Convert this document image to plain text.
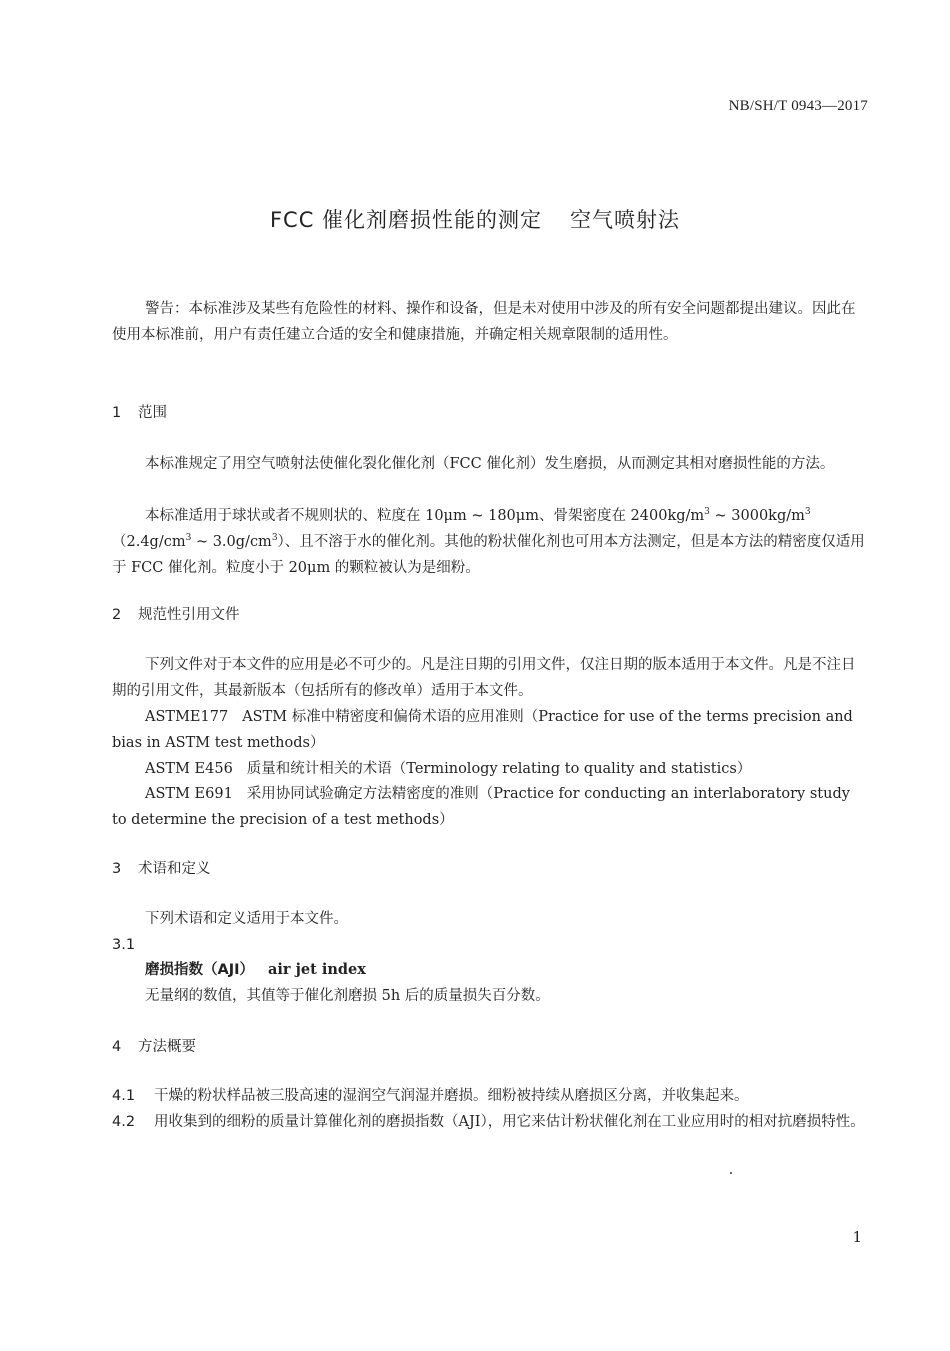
NB/SH/T 0943—2017
FCC 催化剂磨损性能的测定 空气喷射法
警告：本标准涉及某些有危险性的材料、操作和设备，但是未对使用中涉及的所有安全问题都提出建议。因此在使用本标准前，用户有责任建立合适的安全和健康措施，并确定相关规章限制的适用性。
1 范围
本标准规定了用空气喷射法使催化裂化催化剂（FCC 催化剂）发生磨损，从而测定其相对磨损性能的方法。
本标准适用于球状或者不规则状的、粒度在 10μm ~ 180μm、骨架密度在 $2400kg/m^3$ ~ $3000kg/m^3(2.4g/cm^3$ ~ $3.0g/cm^3$）、且不溶于水的催化剂。其他的粉状催化剂也可用本方法测定，但是本方法的精密度仅适用于 FCC 催化剂。粒度小于 20μm 的颗粒被认为是细粉。
2 规范性引用文件
下列文件对于本文件的应用是必不可少的。凡是注日期的引用文件，仅注日期的版本适用于本文件。凡是不注日期的引用文件，其最新版本（包括所有的修改单）适用于本文件。
ASTME177 ASTM 标准中精密度和偏倚术语的应用准则（Practice for use of the terms precision and bias in ASTM test methods）
ASTM E456 质量和统计相关的术语（Terminology relating to quality and statistics）
ASTM E691 采用协同试验确定方法精密度的准则（Practice for conducting an interlaboratory study to determine the precision of a test methods）
3 术语和定义
下列术语和定义适用于本文件。
3.1
磨损指数（AJI） air jet index
无量纲的数值，其值等于催化剂磨损 5h 后的质量损失百分数。
4 方法概要
4.1 干燥的粉状样品被三股高速的湿润空气润湿并磨损。细粉被持续从磨损区分离，并收集起来。
4.2 用收集到的细粉的质量计算催化剂的磨损指数（AJI），用它来估计粉状催化剂在工业应用时的相对抗磨损特性。
1
